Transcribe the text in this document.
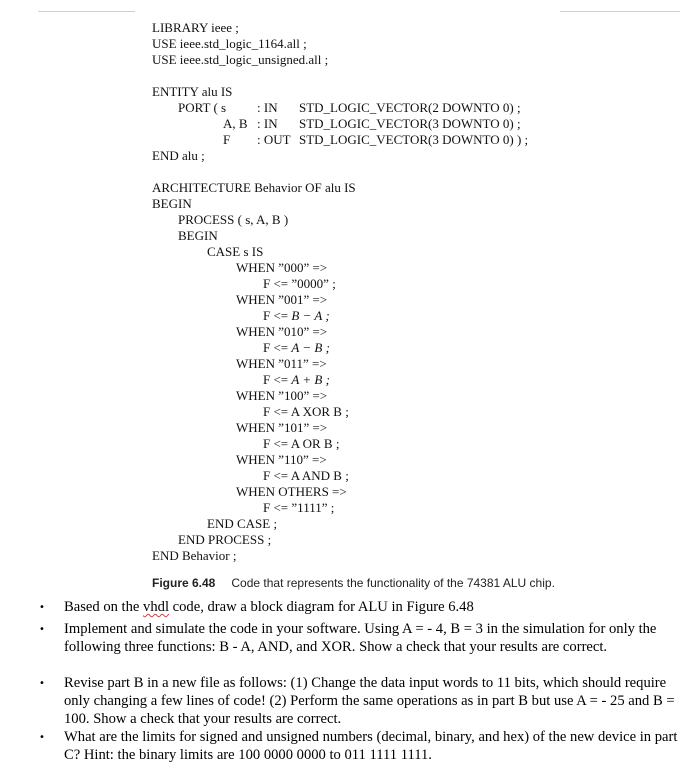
LIBRARY ieee ;
USE ieee.std_logic_1164.all ;
USE ieee.std_logic_unsigned.all ;
ENTITY alu IS
PORT ( s : IN STD_LOGIC_VECTOR(2 DOWNTO 0) ;
A, B : IN STD_LOGIC_VECTOR(3 DOWNTO 0) ;
F : OUT STD_LOGIC_VECTOR(3 DOWNTO 0) ) ;
END alu ;
ARCHITECTURE Behavior OF alu IS
BEGIN
PROCESS ( s, A, B )
BEGIN
CASE s IS
WHEN ”000” =>
F <= ”0000” ;
WHEN ”001” =>
F <= B − A ;
WHEN ”010” =>
F <= A − B ;
WHEN ”011” =>
F <= A + B ;
WHEN ”100” =>
F <= A XOR B ;
WHEN ”101” =>
F <= A OR B ;
WHEN ”110” =>
F <= A AND B ;
WHEN OTHERS =>
F <= ”1111” ;
END CASE ;
END PROCESS ;
END Behavior ;
Figure 6.48 Code that represents the functionality of the 74381 ALU chip.
• Based on the vhdl code, draw a block diagram for ALU in Figure 6.48
• Implement and simulate the code in your software. Using A = - 4, B = 3 in the simulation for only the following three functions: B - A, AND, and XOR. Show a check that your results are correct.
• Revise part B in a new file as follows: (1) Change the data input words to 11 bits, which should require only changing a few lines of code! (2) Perform the same operations as in part B but use A = - 25 and B = 100. Show a check that your results are correct.
• What are the limits for signed and unsigned numbers (decimal, binary, and hex) of the new device in part C? Hint: the binary limits are 100 0000 0000 to 011 1111 1111.
